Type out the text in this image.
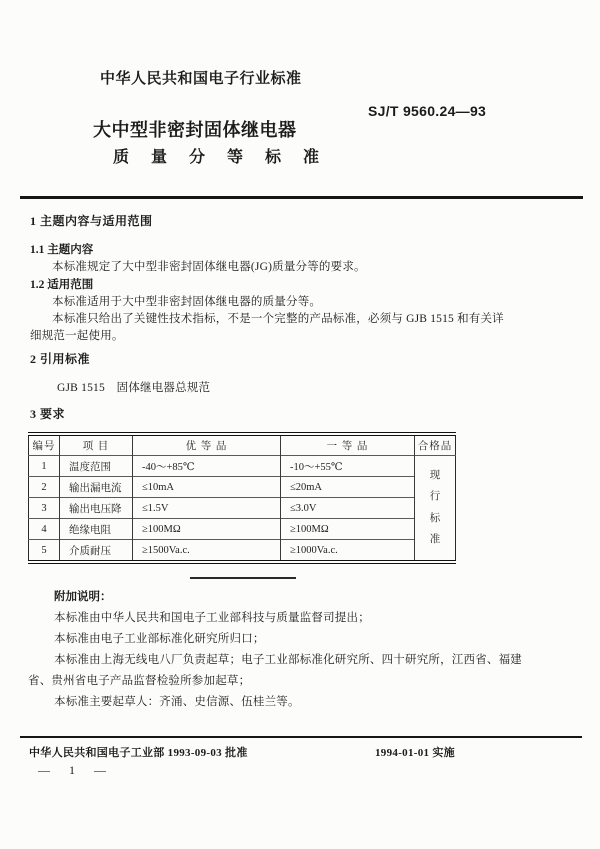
中华人民共和国电子行业标准
SJ/T 9560.24—93
大中型非密封固体继电器
质 量 分 等 标 准
1 主题内容与适用范围
1.1 主题内容
本标准规定了大中型非密封固体继电器(JG)质量分等的要求。
1.2 适用范围
本标准适用于大中型非密封固体继电器的质量分等。
本标准只给出了关键性技术指标，不是一个完整的产品标准，必须与 GJB 1515 和有关详
细规范一起使用。
2 引用标准
GJB 1515　固体继电器总规范
3 要求
编号	项 目	优 等 品	一 等 品	合格品
1	温度范围	-40～+85℃	-10～+55℃	现
行
标
准

2	输出漏电流	≤10mA	≤20mA	
3	输出电压降	≤1.5V	≤3.0V	
4	绝缘电阻	≥100MΩ	≥100MΩ	
5	介质耐压	≥1500Va.c.	≥1000Va.c.	
附加说明：
本标准由中华人民共和国电子工业部科技与质量监督司提出；
本标准由电子工业部标准化研究所归口；
本标准由上海无线电八厂负责起草；电子工业部标准化研究所、四十研究所，江西省、福建
省、贵州省电子产品监督检验所参加起草；
本标准主要起草人：齐涌、史信源、伍桂兰等。
中华人民共和国电子工业部 1993-09-03 批准	1994-01-01 实施
— 1 —
